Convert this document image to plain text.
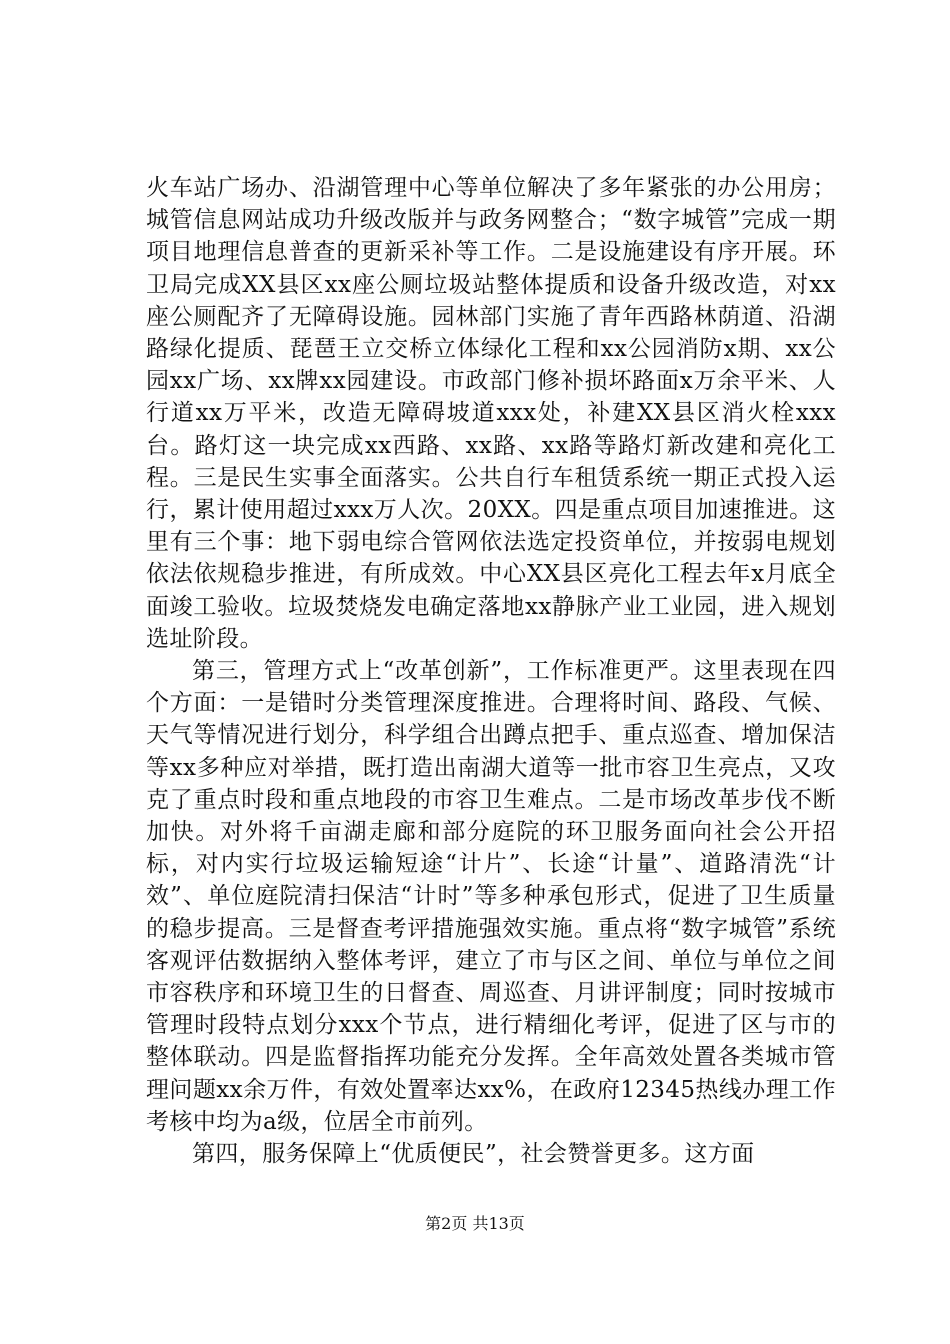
火车站广场办、沿湖管理中心等单位解决了多年紧张的办公用房；城管信息网站成功升级改版并与政务网整合；“数字城管”完成一期项目地理信息普查的更新采补等工作。二是设施建设有序开展。环卫局完成XX县区xx座公厕垃圾站整体提质和设备升级改造，对xx座公厕配齐了无障碍设施。园林部门实施了青年西路林荫道、沿湖路绿化提质、琵琶王立交桥立体绿化工程和xx公园消防x期、xx公园xx广场、xx牌xx园建设。市政部门修补损坏路面x万余平米、人行道xx万平米，改造无障碍坡道xxx处，补建XX县区消火栓xxx台。路灯这一块完成xx西路、xx路、xx路等路灯新改建和亮化工程。三是民生实事全面落实。公共自行车租赁系统一期正式投入运行，累计使用超过xxx万人次。20XX。四是重点项目加速推进。这里有三个事：地下弱电综合管网依法选定投资单位，并按弱电规划依法依规稳步推进，有所成效。中心XX县区亮化工程去年x月底全面竣工验收。垃圾焚烧发电确定落地xx静脉产业工业园，进入规划选址阶段。

第三，管理方式上“改革创新”，工作标准更严。这里表现在四个方面：一是错时分类管理深度推进。合理将时间、路段、气候、天气等情况进行划分，科学组合出蹲点把手、重点巡查、增加保洁等xx多种应对举措，既打造出南湖大道等一批市容卫生亮点，又攻克了重点时段和重点地段的市容卫生难点。二是市场改革步伐不断加快。对外将千亩湖走廊和部分庭院的环卫服务面向社会公开招标，对内实行垃圾运输短途“计片”、长途“计量”、道路清洗“计效”、单位庭院清扫保洁“计时”等多种承包形式，促进了卫生质量的稳步提高。三是督查考评措施强效实施。重点将“数字城管”系统客观评估数据纳入整体考评，建立了市与区之间、单位与单位之间市容秩序和环境卫生的日督查、周巡查、月讲评制度；同时按城市管理时段特点划分xxx个节点，进行精细化考评，促进了区与市的整体联动。四是监督指挥功能充分发挥。全年高效处置各类城市管理问题xx余万件，有效处置率达xx%，在政府12345热线办理工作考核中均为a级，位居全市前列。

第四，服务保障上“优质便民”，社会赞誉更多。这方面

第2页 共13页
